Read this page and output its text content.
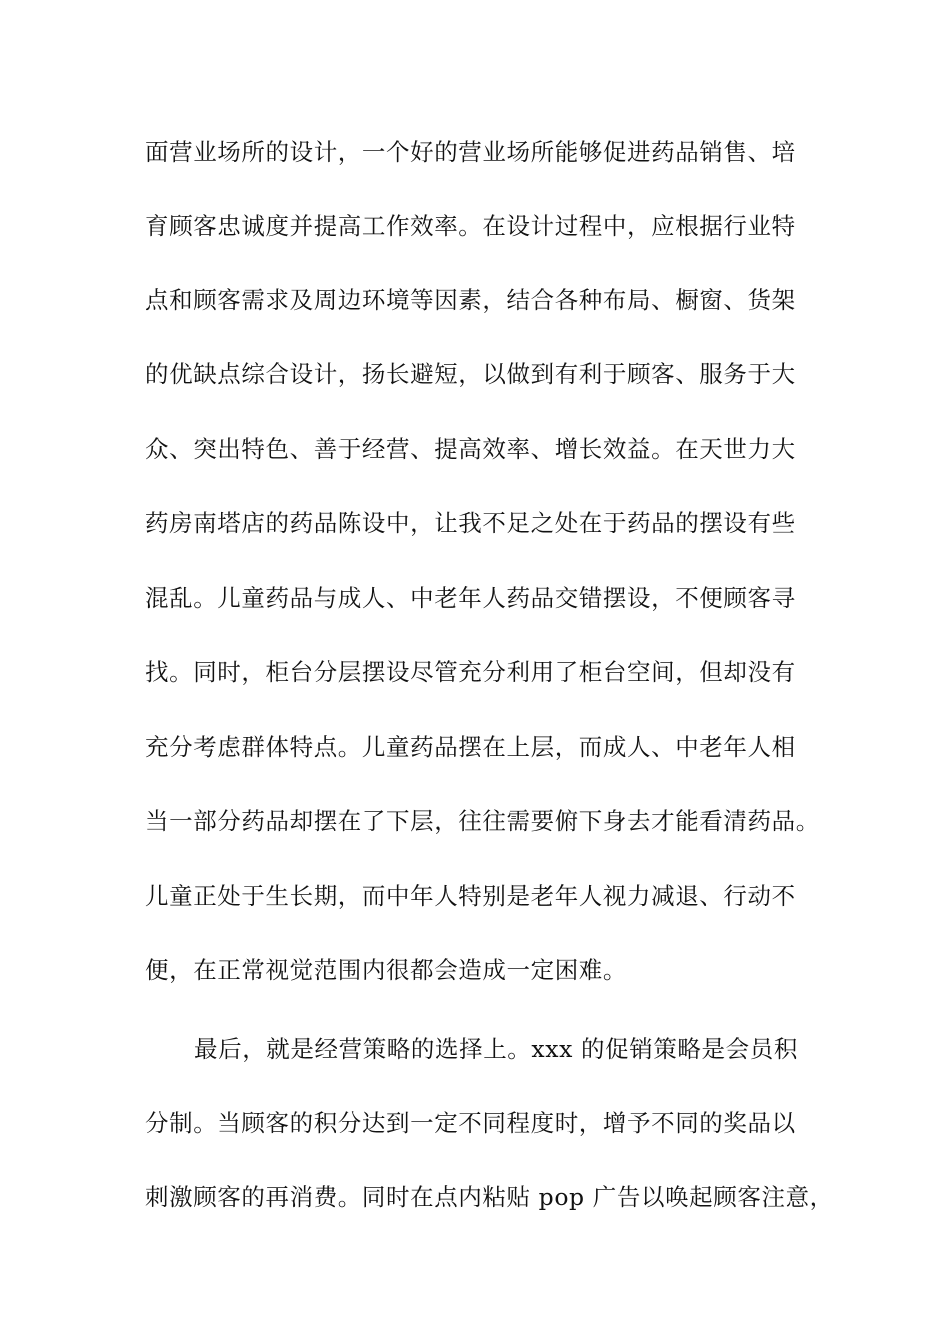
面营业场所的设计，一个好的营业场所能够促进药品销售、培
育顾客忠诚度并提高工作效率。在设计过程中，应根据行业特
点和顾客需求及周边环境等因素，结合各种布局、橱窗、货架
的优缺点综合设计，扬长避短，以做到有利于顾客、服务于大
众、突出特色、善于经营、提高效率、增长效益。在天世力大
药房南塔店的药品陈设中，让我不足之处在于药品的摆设有些
混乱。儿童药品与成人、中老年人药品交错摆设，不便顾客寻
找。同时，柜台分层摆设尽管充分利用了柜台空间，但却没有
充分考虑群体特点。儿童药品摆在上层，而成人、中老年人相
当一部分药品却摆在了下层，往往需要俯下身去才能看清药品。
儿童正处于生长期，而中年人特别是老年人视力减退、行动不
便，在正常视觉范围内很都会造成一定困难。
最后，就是经营策略的选择上。xxx 的促销策略是会员积
分制。当顾客的积分达到一定不同程度时，增予不同的奖品以
刺激顾客的再消费。同时在点内粘贴 pop 广告以唤起顾客注意，
